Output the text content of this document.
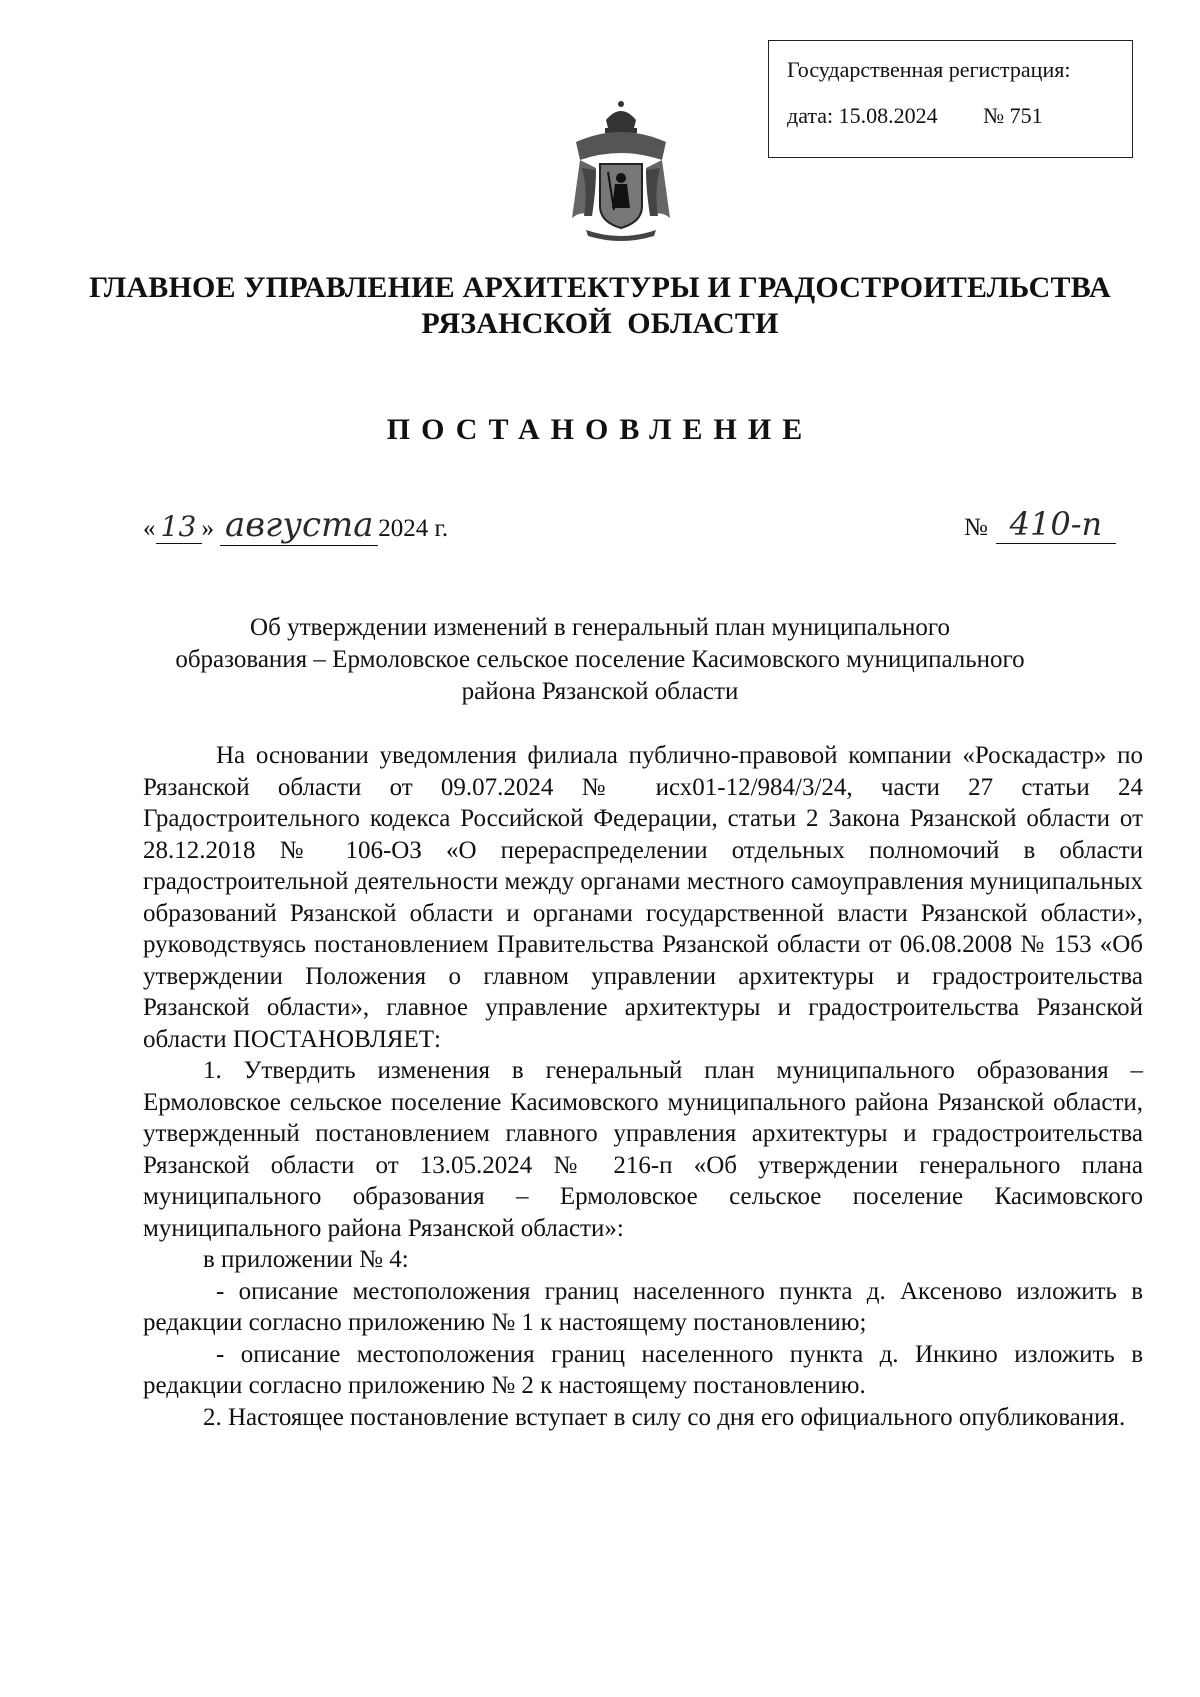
Государственная регистрация:
дата: 15.08.2024 № 751
ГЛАВНОЕ УПРАВЛЕНИЕ АРХИТЕКТУРЫ И ГРАДОСТРОИТЕЛЬСТВА
РЯЗАНСКОЙ  ОБЛАСТИ
ПОСТАНОВЛЕНИЕ
« 13 » августа 2024 г.	№ 410-п
Об утверждении изменений в генеральный план муниципального
образования – Ермоловское сельское поселение Касимовского муниципального
района Рязанской области

На основании уведомления филиала публично-правовой компании «Роскадастр» по Рязанской области от 09.07.2024 № исх01-12/984/3/24, части 27 статьи 24 Градостроительного кодекса Российской Федерации, статьи 2 Закона Рязанской области от 28.12.2018 № 106-ОЗ «О перераспределении отдельных полномочий в области градостроительной деятельности между органами местного самоуправления муниципальных образований Рязанской области и органами государственной власти Рязанской области», руководствуясь постановлением Правительства Рязанской области от 06.08.2008 № 153 «Об утверждении Положения о главном управлении архитектуры и градостроительства Рязанской области», главное управление архитектуры и градостроительства Рязанской области ПОСТАНОВЛЯЕТ:

1. Утвердить изменения в генеральный план муниципального образования – Ермоловское сельское поселение Касимовского муниципального района Рязанской области, утвержденный постановлением главного управления архитектуры и градостроительства Рязанской области от 13.05.2024 № 216-п «Об утверждении генерального плана муниципального образования – Ермоловское сельское поселение Касимовского муниципального района Рязанской области»:

в приложении № 4:

- описание местоположения границ населенного пункта д. Аксеново изложить в редакции согласно приложению № 1 к настоящему постановлению;

- описание местоположения границ населенного пункта д. Инкино изложить в редакции согласно приложению № 2 к настоящему постановлению.

2. Настоящее постановление вступает в силу со дня его официального опубликования.
